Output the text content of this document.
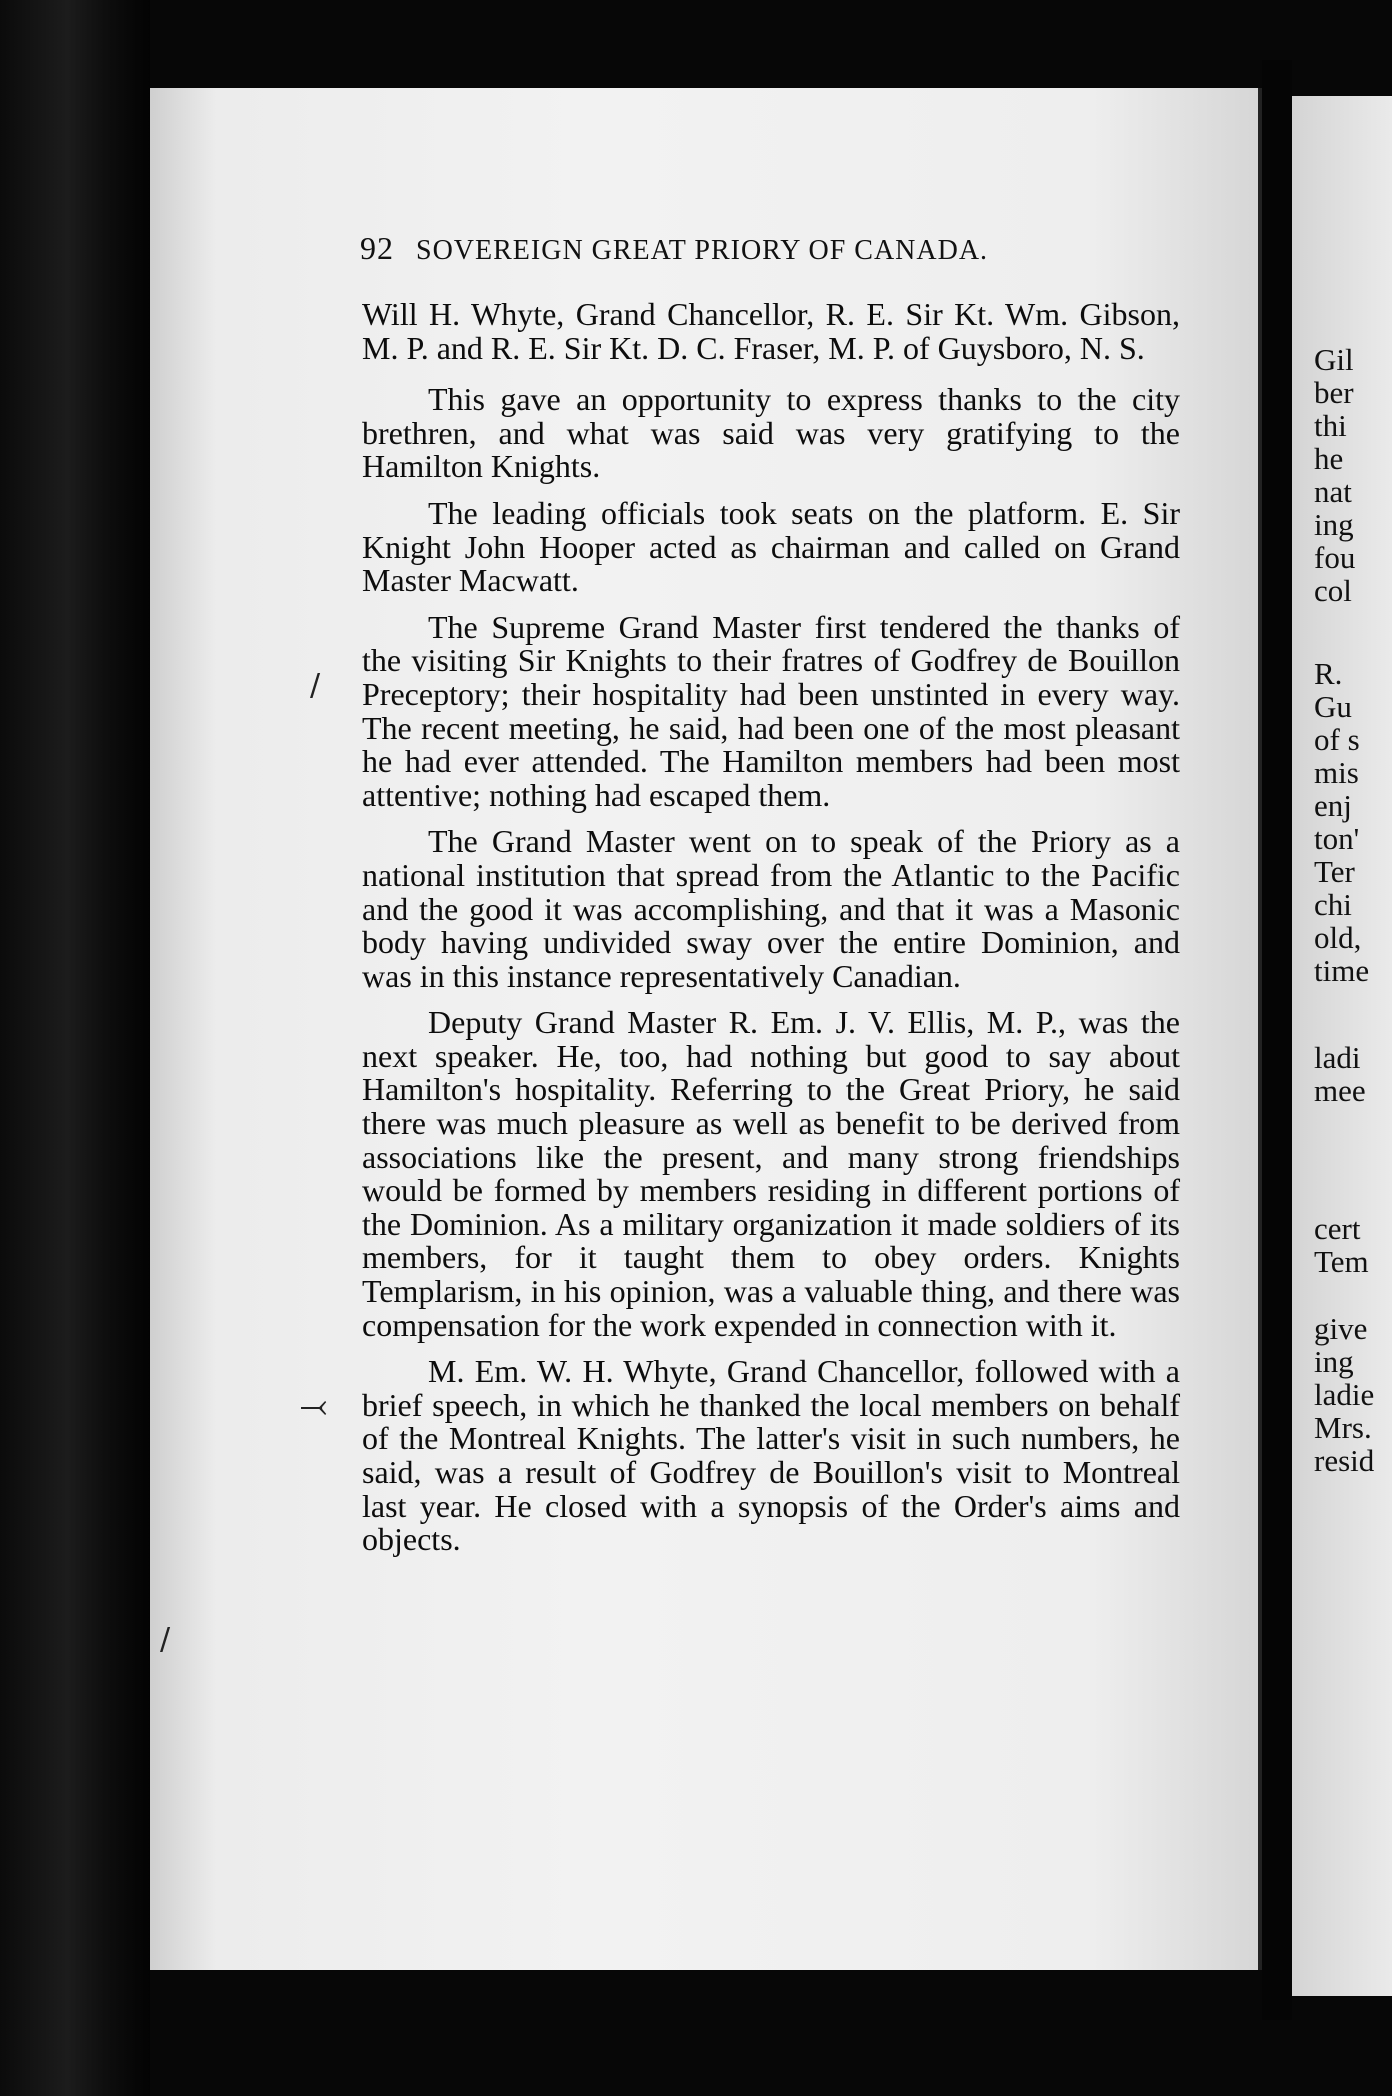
92 SOVEREIGN GREAT PRIORY OF CANADA.

Will H. Whyte, Grand Chancellor, R. E. Sir Kt. Wm. Gibson, M. P. and R. E. Sir Kt. D. C. Fraser, M. P. of Guysboro, N. S.

This gave an opportunity to express thanks to the city brethren, and what was said was very gratifying to the Hamilton Knights.

The leading officials took seats on the platform. E. Sir Knight John Hooper acted as chairman and called on Grand Master Macwatt.

The Supreme Grand Master first tendered the thanks of the visiting Sir Knights to their fratres of Godfrey de Bouillon Preceptory; their hospitality had been unstinted in every way. The recent meeting, he said, had been one of the most pleasant he had ever attended. The Hamilton members had been most attentive; nothing had escaped them.

The Grand Master went on to speak of the Priory as a national institution that spread from the Atlantic to the Pacific and the good it was accomplishing, and that it was a Masonic body having undivided sway over the entire Dominion, and was in this instance representatively Canadian.

Deputy Grand Master R. Em. J. V. Ellis, M. P., was the next speaker. He, too, had nothing but good to say about Hamilton's hospitality. Referring to the Great Priory, he said there was much pleasure as well as benefit to be derived from associations like the present, and many strong friendships would be formed by members residing in different portions of the Dominion. As a military organization it made soldiers of its members, for it taught them to obey orders. Knights Templarism, in his opinion, was a valuable thing, and there was compensation for the work expended in connection with it.

M. Em. W. H. Whyte, Grand Chancellor, followed with a brief speech, in which he thanked the local members on behalf of the Montreal Knights. The latter's visit in such numbers, he said, was a result of Godfrey de Bouillon's visit to Montreal last year. He closed with a synopsis of the Order's aims and objects.

/
⤙
/
Gil
ber
thi
he
nat
ing
fou
col
R.
Gu
of s
mis
enj
ton'
Ter
chi
old,
time
ladi
mee
cert
Tem
give
ing
ladie
Mrs.
resid
